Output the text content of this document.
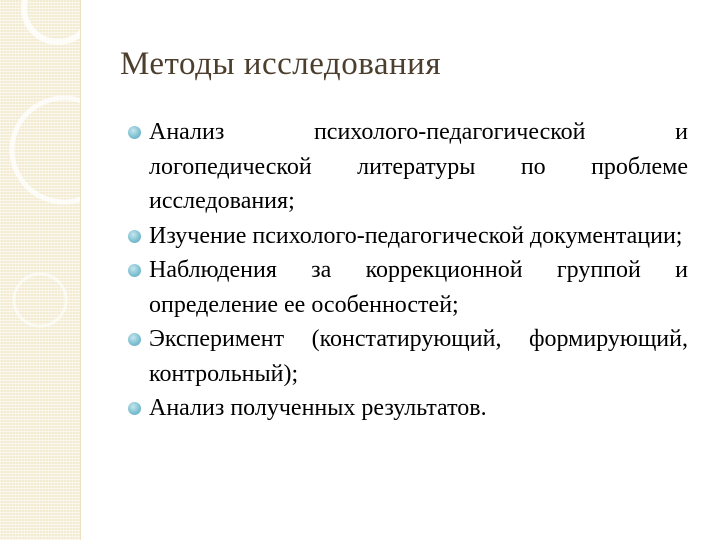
Методы исследования
Анализ психолого-педагогической и логопедической литературы по проблеме исследования;
Изучение психолого-педагогической документации;
Наблюдения за коррекционной группой и определение ее особенностей;
Эксперимент (констатирующий, формирующий, контрольный);
Анализ полученных результатов.
